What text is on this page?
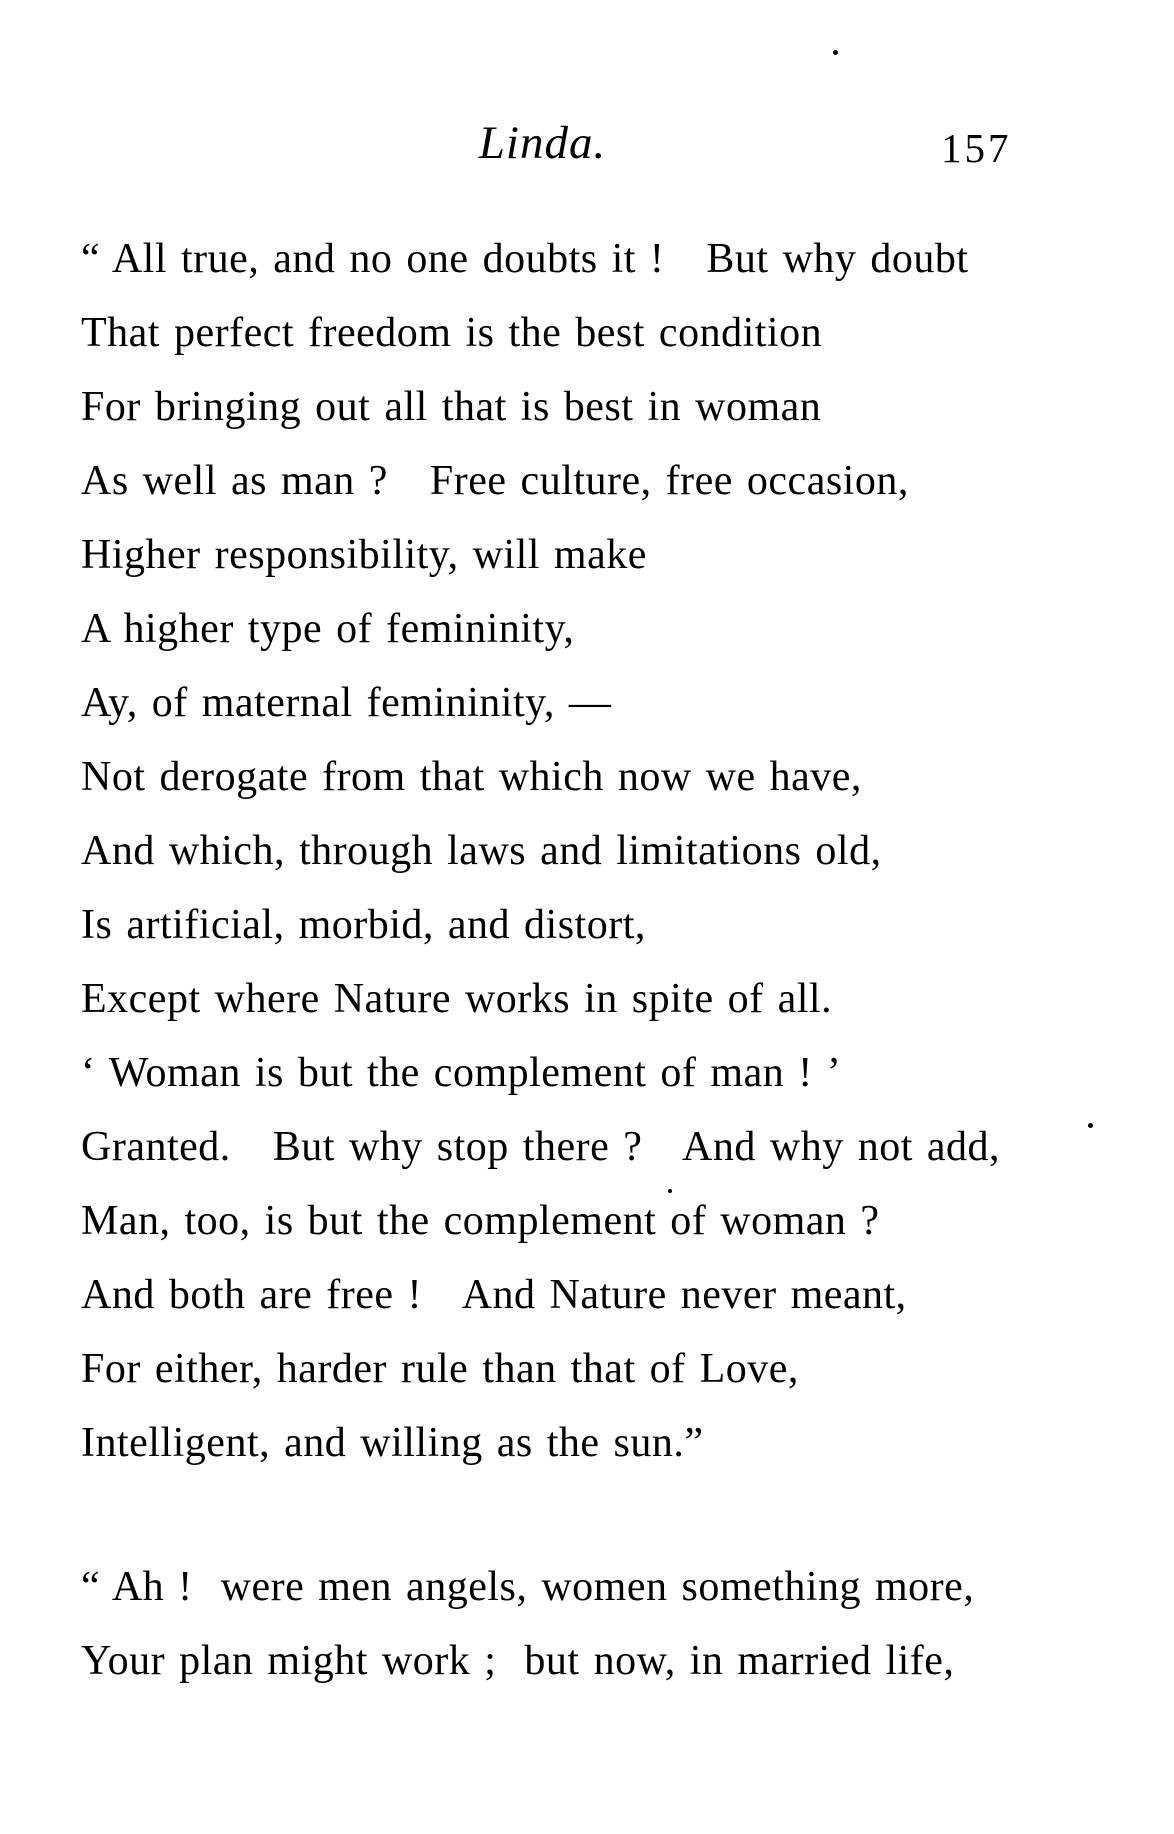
Linda.	157
“ All true, and no one doubts it !   But why doubt
That perfect freedom is the best condition
For bringing out all that is best in woman
As well as man ?   Free culture, free occasion,
Higher responsibility, will make
A higher type of femininity,
Ay, of maternal femininity, —
Not derogate from that which now we have,
And which, through laws and limitations old,
Is artificial, morbid, and distort,
Except where Nature works in spite of all.
‘ Woman is but the complement of man ! ’
Granted.   But why stop there ?   And why not add,
Man, too, is but the complement of woman ?
And both are free !   And Nature never meant,
For either, harder rule than that of Love,
Intelligent, and willing as the sun.”
“ Ah !  were men angels, women something more,
Your plan might work ;  but now, in married life,
